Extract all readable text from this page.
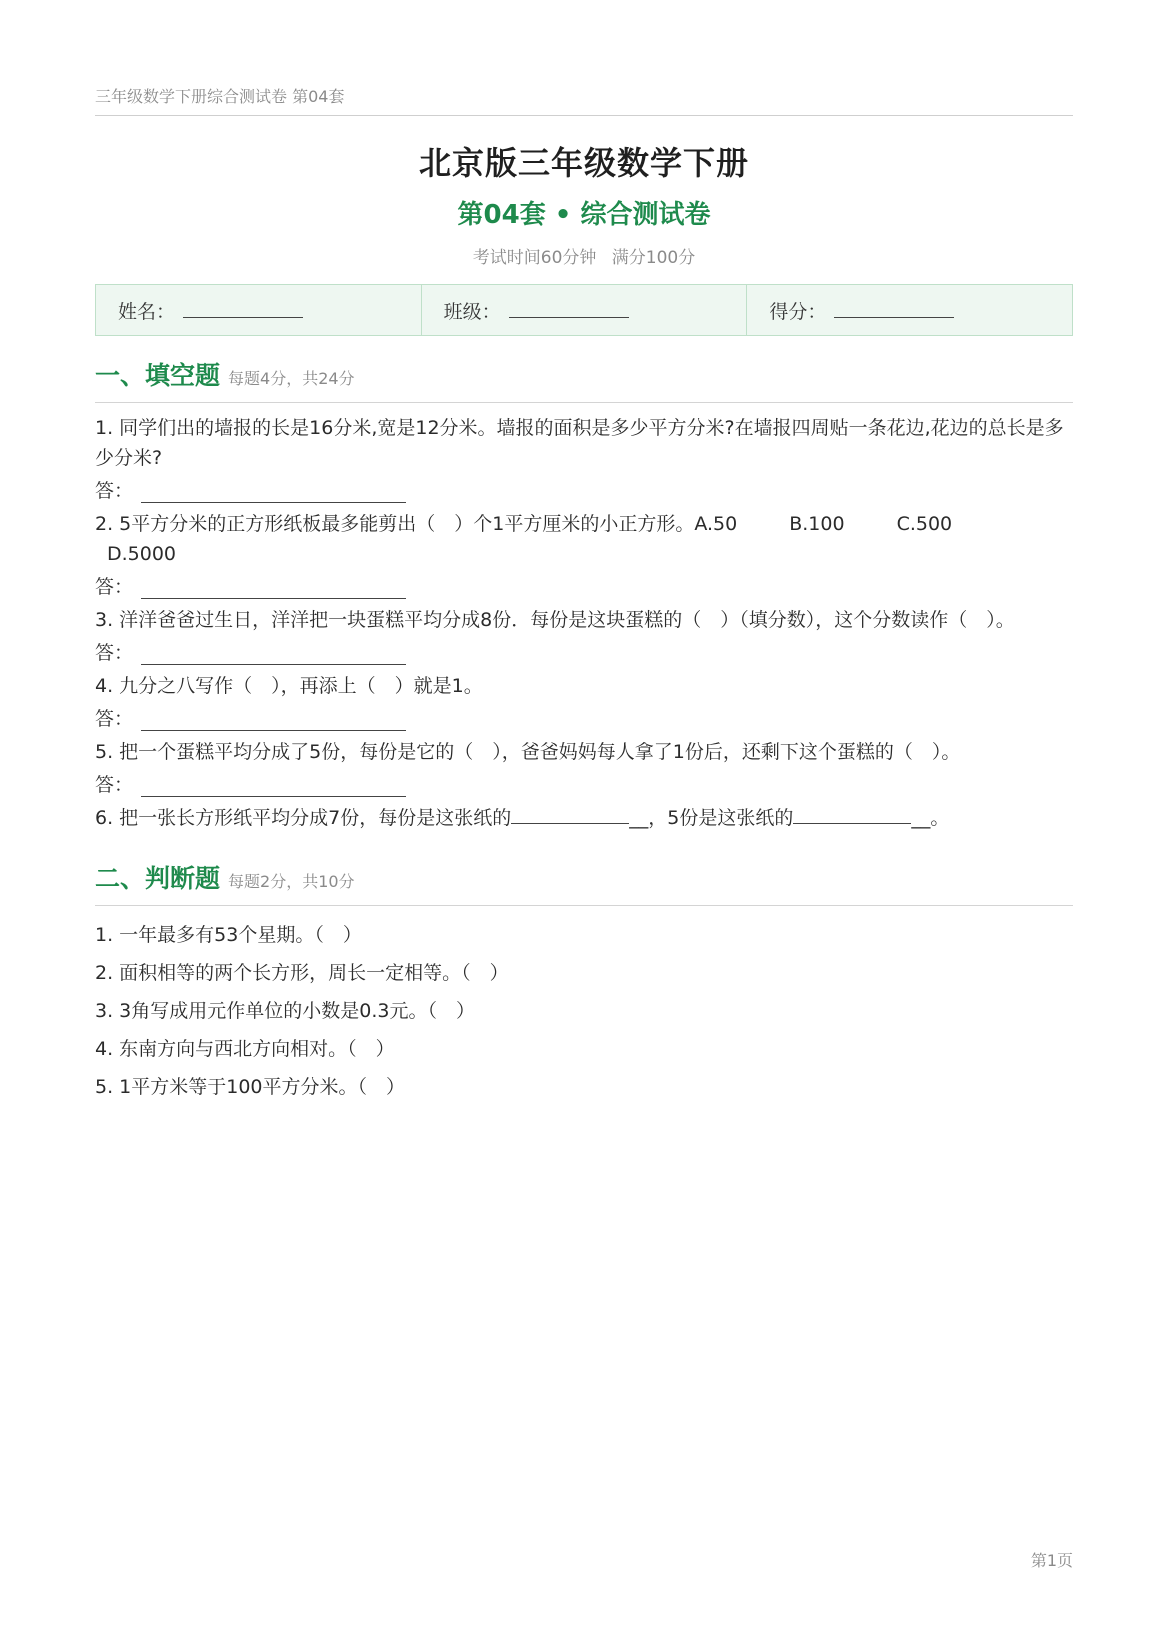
三年级数学下册综合测试卷 第04套
北京版三年级数学下册
第04套 • 综合测试卷
考试时间60分钟 满分100分
姓名：	班级：	得分：
一、填空题 每题4分，共24分
1. 同学们出的墙报的长是16分米,宽是12分米。墙报的面积是多少平方分米?在墙报四周贴一条花边,花边的总长是多少分米?
答：
2. 5平方分米的正方形纸板最多能剪出（　）个1平方厘米的小正方形。A.50	B.100	C.500
D.5000
答：
3. 洋洋爸爸过生日，洋洋把一块蛋糕平均分成8份．每份是这块蛋糕的（　）（填分数），这个分数读作（　）。
答：
4. 九分之八写作（　），再添上（　）就是1。
答：
5. 把一个蛋糕平均分成了5份，每份是它的（　），爸爸妈妈每人拿了1份后，还剩下这个蛋糕的（　）。
答：
6. 把一张长方形纸平均分成7份，每份是这张纸的	__，5份是这张纸的	__。
二、判断题 每题2分，共10分
1. 一年最多有53个星期。（　）
2. 面积相等的两个长方形，周长一定相等。（　）
3. 3角写成用元作单位的小数是0.3元。（　）
4. 东南方向与西北方向相对。（　）
5. 1平方米等于100平方分米。（　）
第1页
